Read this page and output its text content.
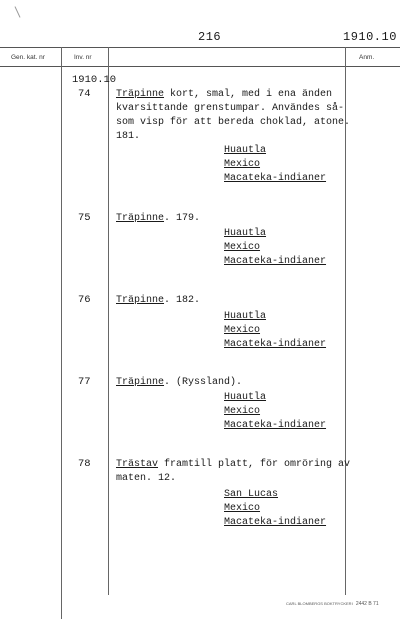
216	1910.10
Gen. kat. nr	Inv. nr	Anm.
1910.10
74	Träpinne kort, smal, med i ena änden
kvarsittande grenstumpar. Användes så-
som visp för att bereda choklad, atone.
181.
Huautla
Mexico
Macateka-indianer
75	Träpinne. 179.
Huautla
Mexico
Macateka-indianer
76	Träpinne. 182.
Huautla
Mexico
Macateka-indianer
77	Träpinne. (Ryssland).
Huautla
Mexico
Macateka-indianer
78	Trästav framtill platt, för omröring av
maten. 12.
San Lucas
Mexico
Macateka-indianer
CARL BLOMBERGS BOKTRYCKERI 2442 B 71
